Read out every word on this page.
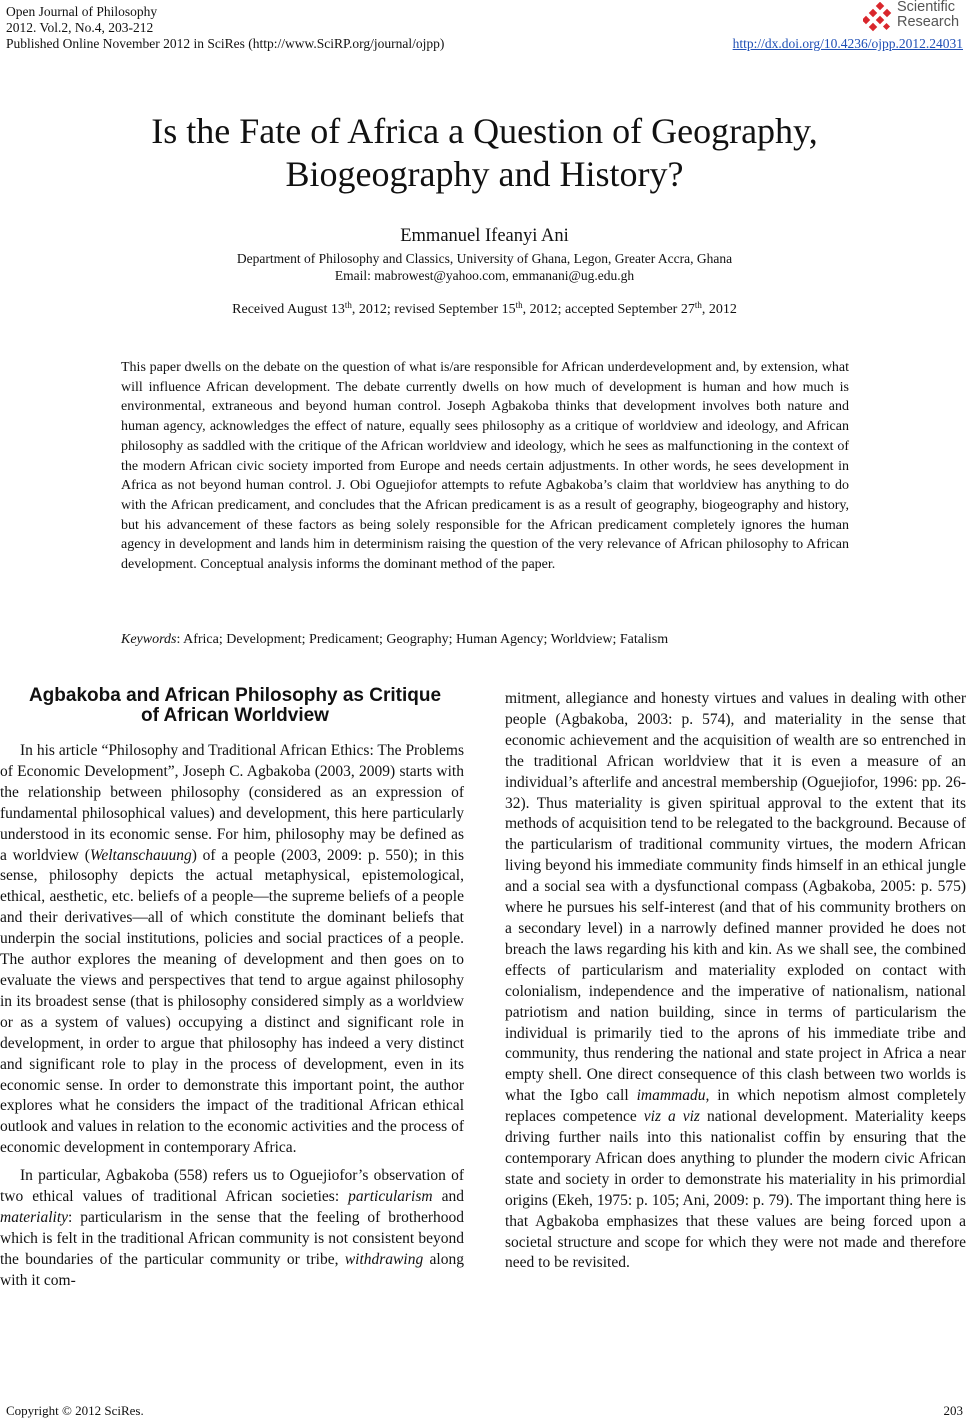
Open Journal of Philosophy
2012. Vol.2, No.4, 203-212
Published Online November 2012 in SciRes (http://www.SciRP.org/journal/ojpp)
Scientific
Research
http://dx.doi.org/10.4236/ojpp.2012.24031
Is the Fate of Africa a Question of Geography,
Biogeography and History?
Emmanuel Ifeanyi Ani
Department of Philosophy and Classics, University of Ghana, Legon, Greater Accra, Ghana
Email: mabrowest@yahoo.com, emmanani@ug.edu.gh
Received August 13th, 2012; revised September 15th, 2012; accepted September 27th, 2012
This paper dwells on the debate on the question of what is/are responsible for African underdevelopment and, by extension, what will influence African development. The debate currently dwells on how much of development is human and how much is environmental, extraneous and beyond human control. Joseph Agbakoba thinks that development involves both nature and human agency, acknowledges the effect of nature, equally sees philosophy as a critique of worldview and ideology, and African philosophy as saddled with the critique of the African worldview and ideology, which he sees as malfunctioning in the context of the modern African civic society imported from Europe and needs certain adjustments. In other words, he sees development in Africa as not beyond human control. J. Obi Oguejiofor attempts to refute Agbakoba’s claim that worldview has anything to do with the African predicament, and concludes that the African predicament is as a result of geography, biogeography and history, but his advancement of these factors as being solely responsible for the African predicament completely ignores the human agency in development and lands him in determinism raising the question of the very relevance of African philosophy to African development. Conceptual analysis informs the dominant method of the paper.
Keywords: Africa; Development; Predicament; Geography; Human Agency; Worldview; Fatalism
Agbakoba and African Philosophy as Critique
of African Worldview

In his article “Philosophy and Traditional African Ethics: The Problems of Economic Development”, Joseph C. Agbakoba (2003, 2009) starts with the relationship between philosophy (considered as an expression of fundamental philosophical values) and development, this here particularly understood in its economic sense. For him, philosophy may be defined as a worldview (Weltanschauung) of a people (2003, 2009: p. 550); in this sense, philosophy depicts the actual metaphysical, epistemological, ethical, aesthetic, etc. beliefs of a people—the supreme beliefs of a people and their derivatives—all of which constitute the dominant beliefs that underpin the social institutions, policies and social practices of a people. The author explores the meaning of development and then goes on to evaluate the views and perspectives that tend to argue against philosophy in its broadest sense (that is philosophy considered simply as a worldview or as a system of values) occupying a distinct and significant role in development, in order to argue that philosophy has indeed a very distinct and significant role to play in the process of development, even in its economic sense. In order to demonstrate this important point, the author explores what he considers the impact of the traditional African ethical outlook and values in relation to the economic activities and the process of economic development in contemporary Africa.

In particular, Agbakoba (558) refers us to Oguejiofor’s observation of two ethical values of traditional African societies: particularism and materiality: particularism in the sense that the feeling of brotherhood which is felt in the traditional African community is not consistent beyond the boundaries of the particular community or tribe, withdrawing along with it com-

mitment, allegiance and honesty virtues and values in dealing with other people (Agbakoba, 2003: p. 574), and materiality in the sense that economic achievement and the acquisition of wealth are so entrenched in the traditional African worldview that it is even a measure of an individual’s afterlife and ancestral membership (Oguejiofor, 1996: pp. 26-32). Thus materiality is given spiritual approval to the extent that its methods of acquisition tend to be relegated to the background. Because of the particularism of traditional community virtues, the modern African living beyond his immediate community finds himself in an ethical jungle and a social sea with a dysfunctional compass (Agbakoba, 2005: p. 575) where he pursues his self-interest (and that of his community brothers on a secondary level) in a narrowly defined manner provided he does not breach the laws regarding his kith and kin. As we shall see, the combined effects of particularism and materiality exploded on contact with colonialism, independence and the imperative of nationalism, national patriotism and nation building, since in terms of particularism the individual is primarily tied to the aprons of his immediate tribe and community, thus rendering the national and state project in Africa a near empty shell. One direct consequence of this clash between two worlds is what the Igbo call imammadu, in which nepotism almost completely replaces competence viz a viz national development. Materiality keeps driving further nails into this nationalist coffin by ensuring that the contemporary African does anything to plunder the modern civic African state and society in order to demonstrate his materiality in his primordial origins (Ekeh, 1975: p. 105; Ani, 2009: p. 79). The important thing here is that Agbakoba emphasizes that these values are being forced upon a societal structure and scope for which they were not made and therefore need to be revisited.

Copyright © 2012 SciRes.	203
